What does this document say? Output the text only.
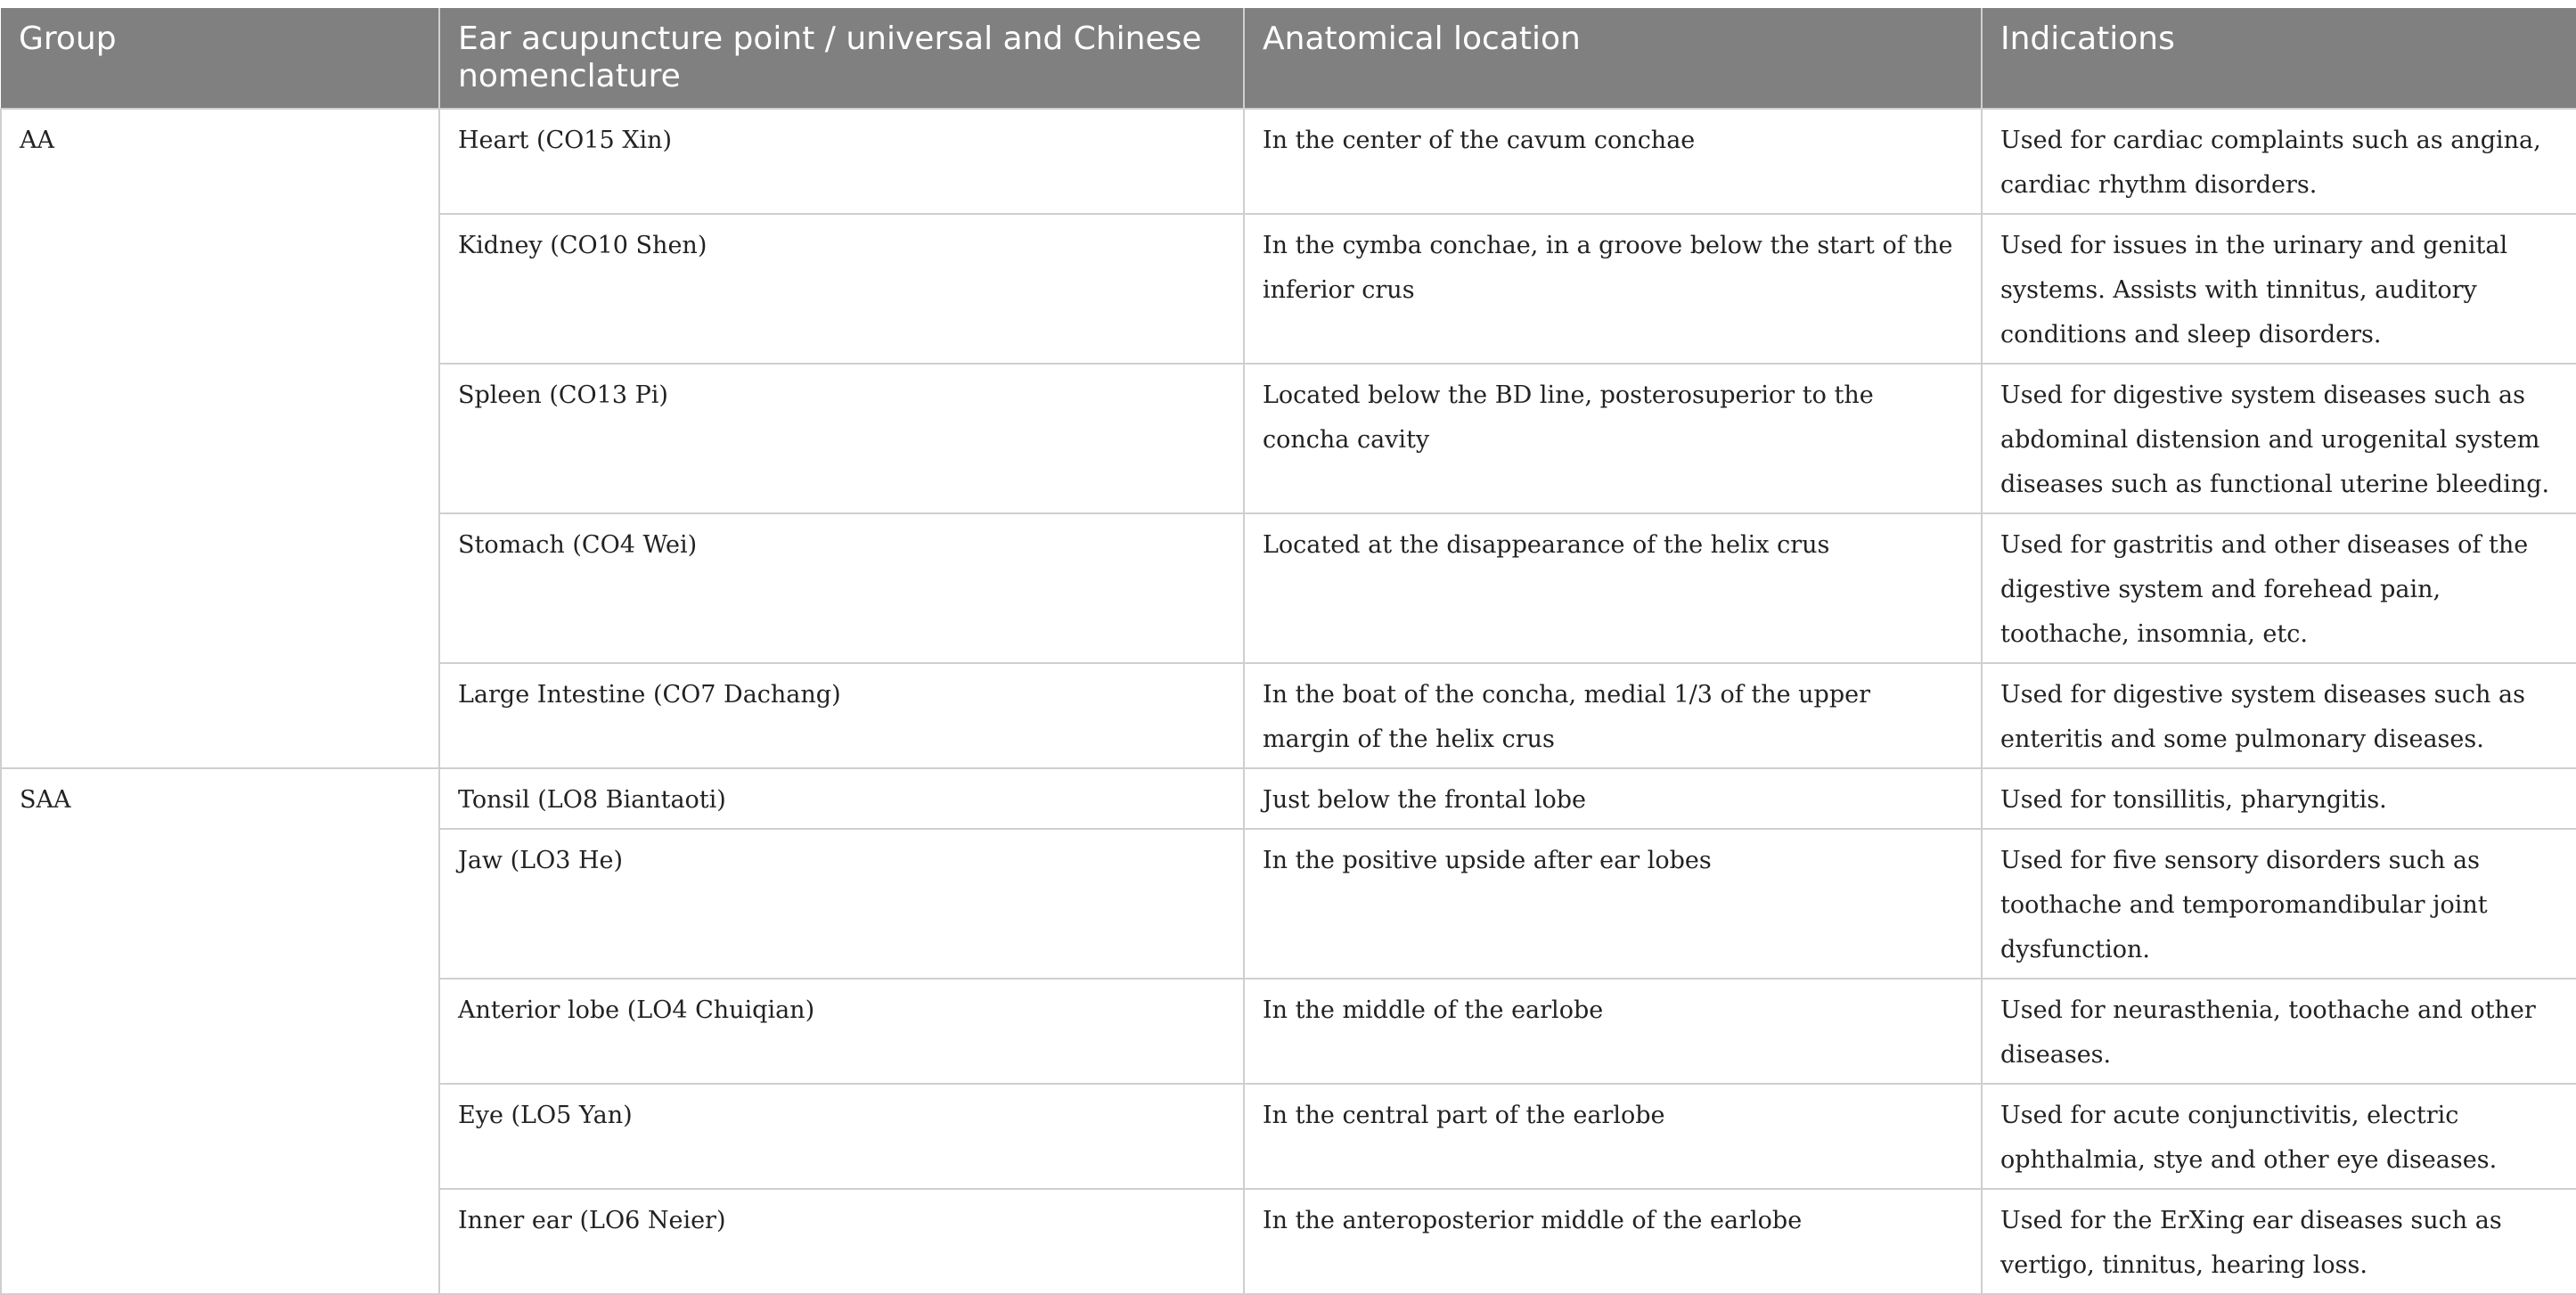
Group	Ear acupuncture point / universal and Chinese nomenclature	Anatomical location	Indications
AA	Heart (CO15 Xin)	In the center of the cavum conchae	Used for cardiac complaints such as angina, cardiac rhythm disorders.
	Kidney (CO10 Shen)	In the cymba conchae, in a groove below the start of the inferior crus	Used for issues in the urinary and genital systems. Assists with tinnitus, auditory conditions and sleep disorders.
	Spleen (CO13 Pi)	Located below the BD line, posterosuperior to the concha cavity	Used for digestive system diseases such as abdominal distension and urogenital system diseases such as functional uterine bleeding.
	Stomach (CO4 Wei)	Located at the disappearance of the helix crus	Used for gastritis and other diseases of the digestive system and forehead pain, toothache, insomnia, etc.
	Large Intestine (CO7 Dachang)	In the boat of the concha, medial 1/3 of the upper margin of the helix crus	Used for digestive system diseases such as enteritis and some pulmonary diseases.
SAA	Tonsil (LO8 Biantaoti)	Just below the frontal lobe	Used for tonsillitis, pharyngitis.
	Jaw (LO3 He)	In the positive upside after ear lobes	Used for five sensory disorders such as toothache and temporomandibular joint dysfunction.
	Anterior lobe (LO4 Chuiqian)	In the middle of the earlobe	Used for neurasthenia, toothache and other diseases.
	Eye (LO5 Yan)	In the central part of the earlobe	Used for acute conjunctivitis, electric ophthalmia, stye and other eye diseases.
	Inner ear (LO6 Neier)	In the anteroposterior middle of the earlobe	Used for the ErXing ear diseases such as vertigo, tinnitus, hearing loss.
